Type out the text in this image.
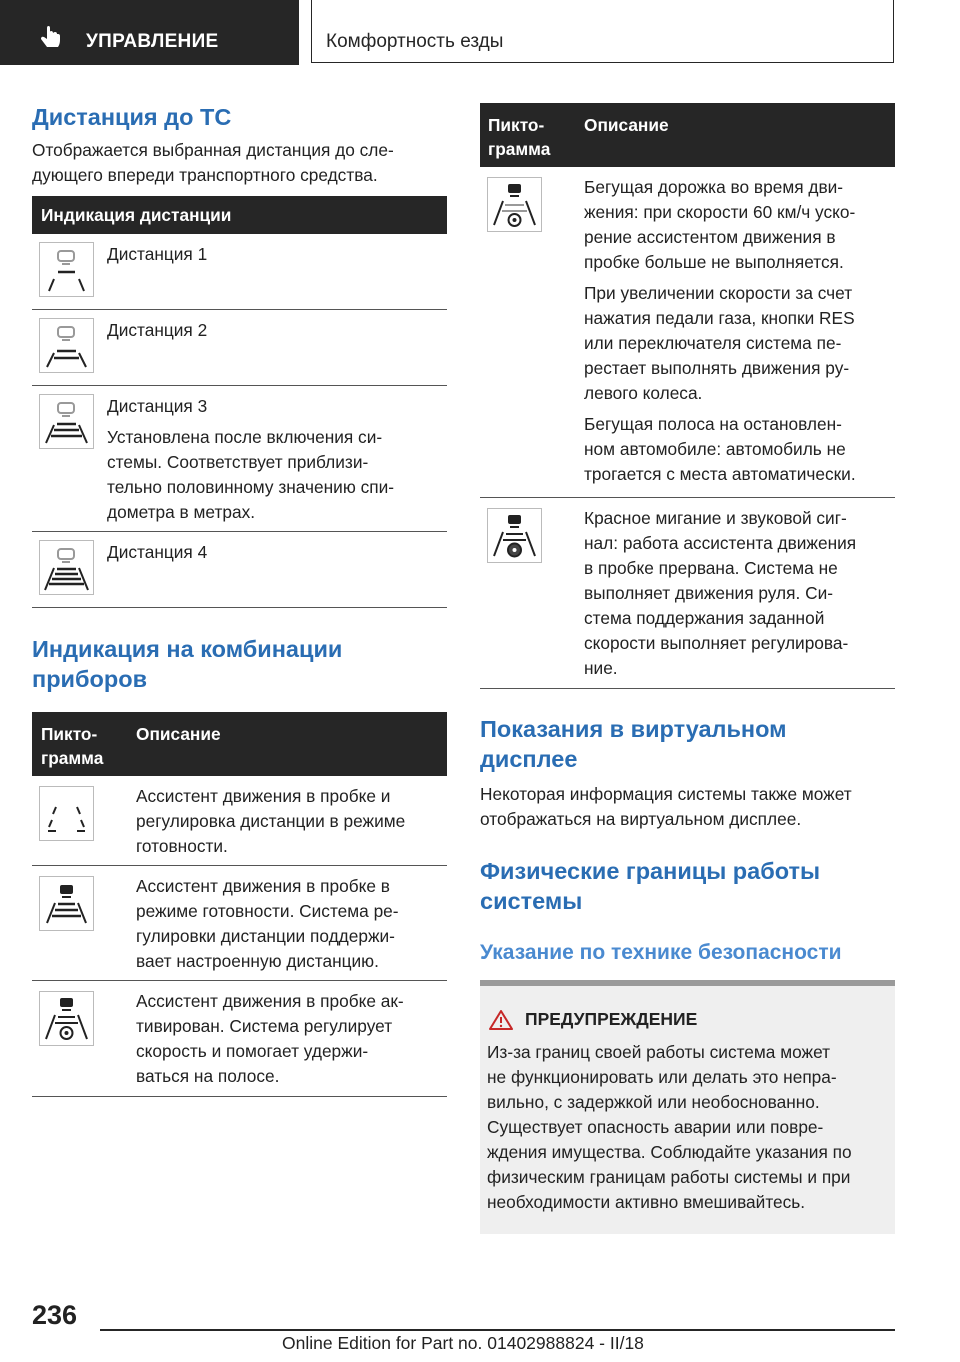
УПРАВЛЕНИЕ	Комфортность езды
Дистанция до ТС
Отображается выбранная дистанция до сле-
дующего впереди транспортного средства.
Индикация дистанции
Дистанция 1
Дистанция 2
Дистанция 3
Установлена после включения си-
стемы. Соответствует приблизи-
тельно половинному значению спи-
дометра в метрах.
Дистанция 4
Индикация на комбинации
приборов
Пикто-
грамма
Описание
Ассистент движения в пробке и
регулировка дистанции в режиме
готовности.
Ассистент движения в пробке в
режиме готовности. Система ре-
гулировки дистанции поддержи-
вает настроенную дистанцию.
Ассистент движения в пробке ак-
тивирован. Система регулирует
скорость и помогает удержи-
ваться на полосе.
Пикто-
грамма
Описание
Бегущая дорожка во время дви-
жения: при скорости 60 км/ч уско-
рение ассистентом движения в
пробке больше не выполняется.
При увеличении скорости за счет
нажатия педали газа, кнопки RES
или переключателя система пе-
рестает выполнять движения ру-
левого колеса.
Бегущая полоса на остановлен-
ном автомобиле: автомобиль не
трогается с места автоматически.
Красное мигание и звуковой сиг-
нал: работа ассистента движения
в пробке прервана. Система не
выполняет движения руля. Си-
стема поддержания заданной
скорости выполняет регулирова-
ние.
Показания в виртуальном
дисплее
Некоторая информация системы также может
отображаться на виртуальном дисплее.
Физические границы работы
системы
Указание по технике безопасности
ПРЕДУПРЕЖДЕНИЕ
Из-за границ своей работы система может
не функционировать или делать это непра-
вильно, с задержкой или необоснованно.
Существует опасность аварии или повре-
ждения имущества. Соблюдайте указания по
физическим границам работы системы и при
необходимости активно вмешивайтесь.
236
Online Edition for Part no. 01402988824 - II/18
